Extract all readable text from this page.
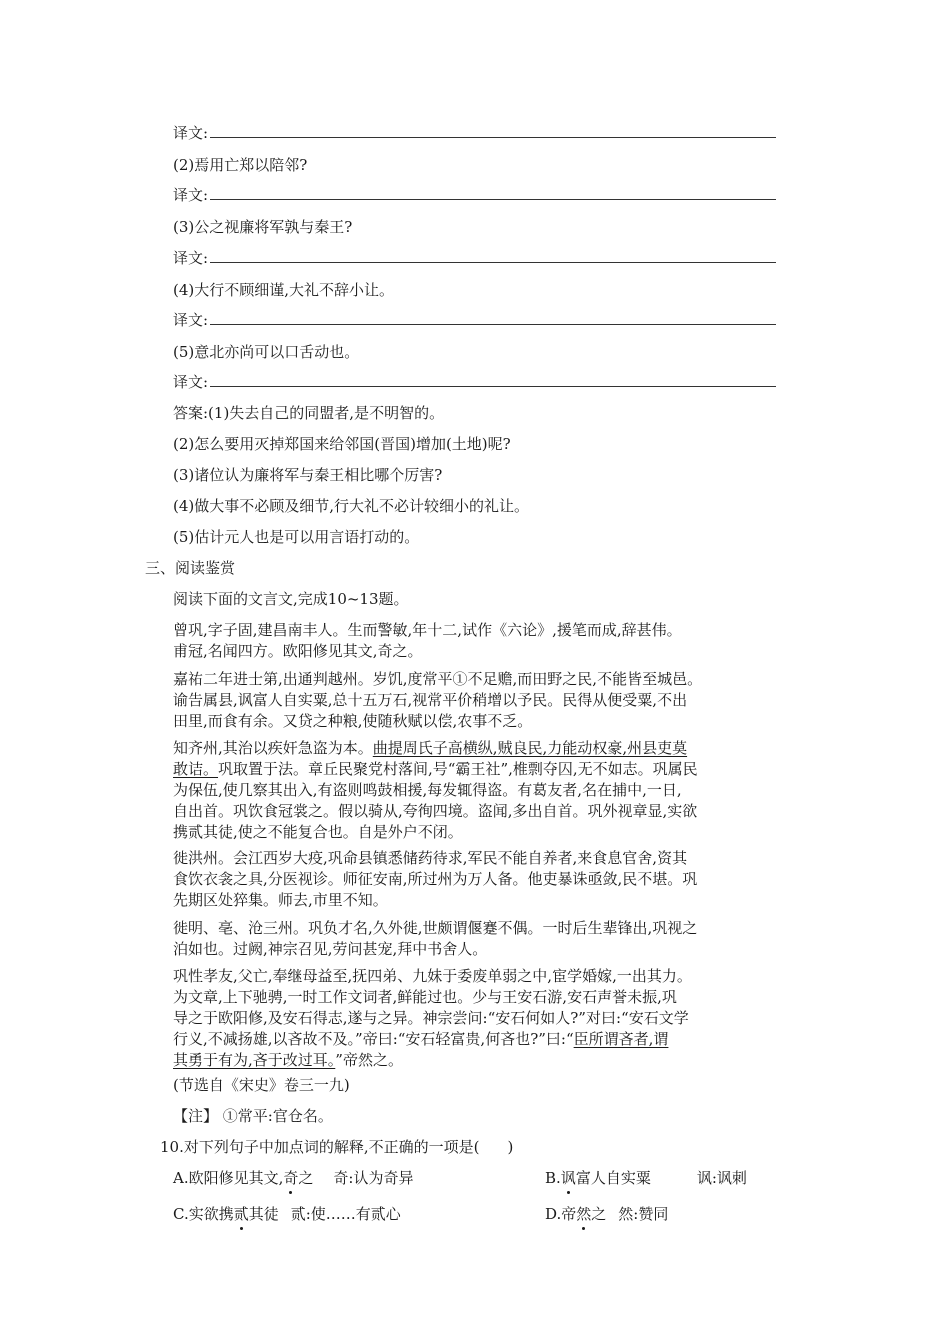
译文:
(2)焉用亡郑以陪邻?
译文:
(3)公之视廉将军孰与秦王?
译文:
(4)大行不顾细谨,大礼不辞小让。
译文:
(5)意北亦尚可以口舌动也。
译文:
答案:(1)失去自己的同盟者,是不明智的。
(2)怎么要用灭掉郑国来给邻国(晋国)增加(土地)呢?
(3)诸位认为廉将军与秦王相比哪个厉害?
(4)做大事不必顾及细节,行大礼不必计较细小的礼让。
(5)估计元人也是可以用言语打动的。
三、阅读鉴赏
阅读下面的文言文,完成10~13题。
曾巩,字子固,建昌南丰人。生而警敏,年十二,试作《六论》,援笔而成,辞甚伟。
甫冠,名闻四方。欧阳修见其文,奇之。
嘉祐二年进士第,出通判越州。岁饥,度常平①不足赡,而田野之民,不能皆至城邑。
谕告属县,讽富人自实粟,总十五万石,视常平价稍增以予民。民得从便受粟,不出
田里,而食有余。又贷之种粮,使随秋赋以偿,农事不乏。
知齐州,其治以疾奸急盗为本。曲提周氏子高横纵,贼良民,力能动权豪,州县吏莫
敢诘。巩取置于法。章丘民聚党村落间,号“霸王社”,椎剽夺囚,无不如志。巩属民
为保伍,使几察其出入,有盗则鸣鼓相援,每发辄得盗。有葛友者,名在捕中,一日,
自出首。巩饮食冠裳之。假以骑从,夸徇四境。盗闻,多出自首。巩外视章显,实欲
携贰其徒,使之不能复合也。自是外户不闭。
徙洪州。会江西岁大疫,巩命县镇悉储药待求,军民不能自养者,来食息官舍,资其
食饮衣衾之具,分医视诊。师征安南,所过州为万人备。他吏暴诛亟敛,民不堪。巩
先期区处猝集。师去,市里不知。
徙明、亳、沧三州。巩负才名,久外徙,世颇谓偃蹇不偶。一时后生辈锋出,巩视之
泊如也。过阙,神宗召见,劳问甚宠,拜中书舍人。
巩性孝友,父亡,奉继母益至,抚四弟、九妹于委废单弱之中,宦学婚嫁,一出其力。
为文章,上下驰骋,一时工作文词者,鲜能过也。少与王安石游,安石声誉未振,巩
导之于欧阳修,及安石得志,遂与之异。神宗尝问:“安石何如人?”对曰:“安石文学
行义,不减扬雄,以吝故不及。”帝曰:“安石轻富贵,何吝也?”曰:“臣所谓吝者,谓
其勇于有为,吝于改过耳。”帝然之。
(节选自《宋史》卷三一九)
【注】 ①常平:官仓名。
10.对下列句子中加点词的解释,不正确的一项是( )
A.欧阳修见其文,奇之 奇:认为奇异	B.讽富人自实粟	讽:讽刺
C.实欲携贰其徒 贰:使……有贰心	D.帝然之 然:赞同
